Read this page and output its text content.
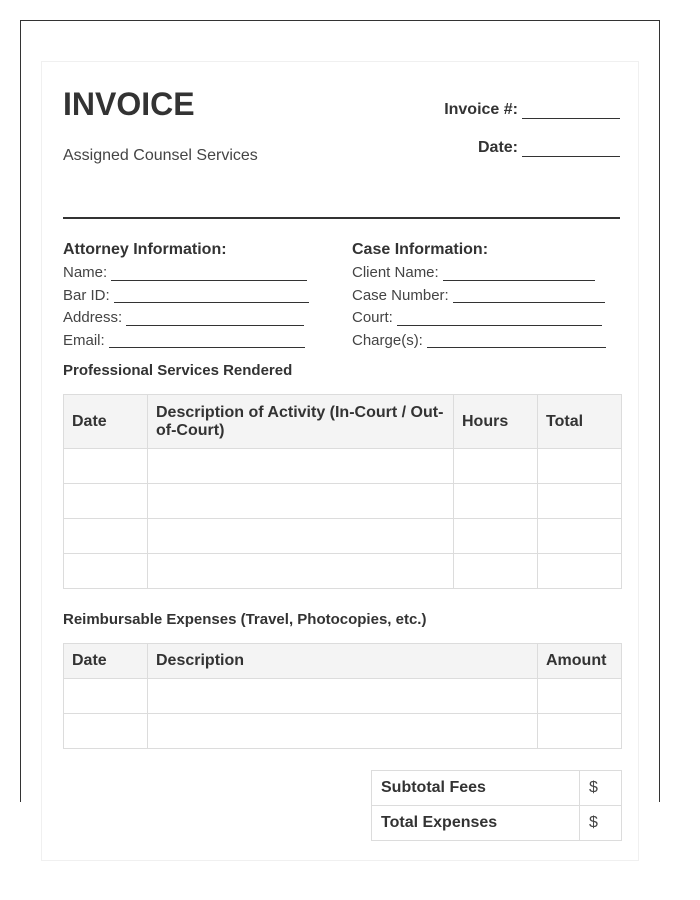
INVOICE
Assigned Counsel Services
Invoice #:
Date:
Attorney Information:
Name:
Bar ID:
Address:
Email:
Case Information:
Client Name:
Case Number:
Court:
Charge(s):
Professional Services Rendered
Date	Description of Activity (In-Court / Out-of-Court)	Hours	Total

Reimbursable Expenses (Travel, Photocopies, etc.)
Date	Description	Amount

Subtotal Fees	$
Total Expenses	$
